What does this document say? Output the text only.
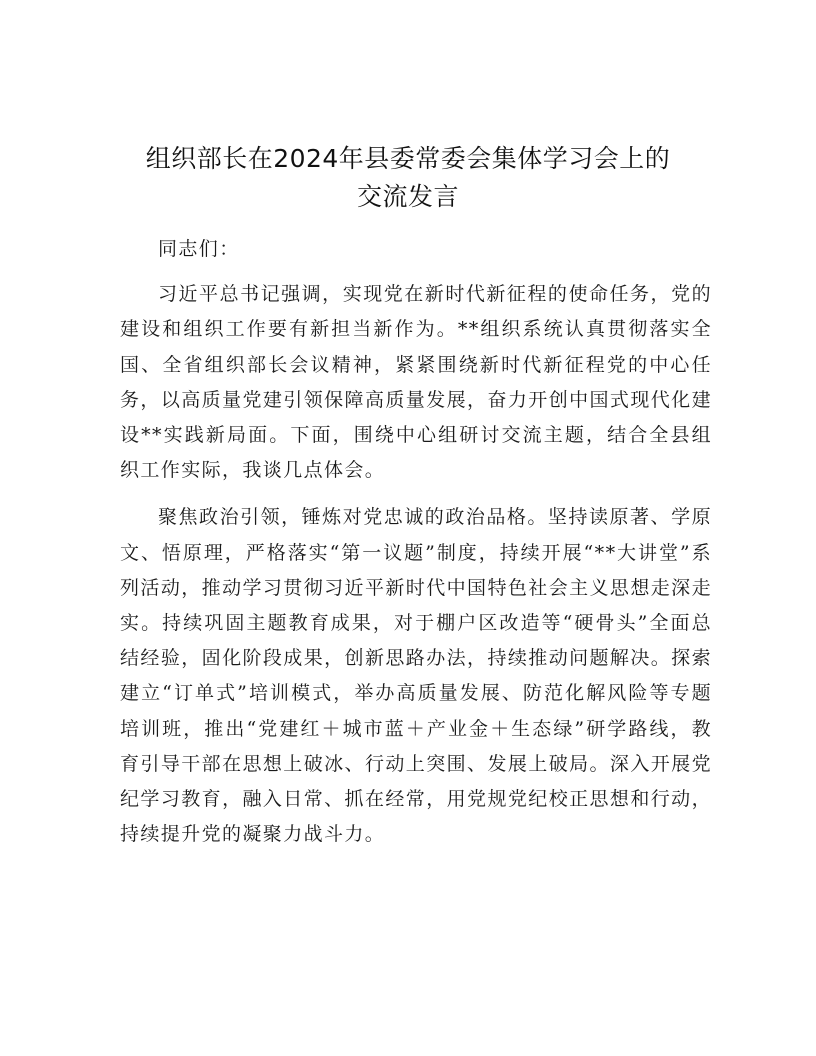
组织部长在2024年县委常委会集体学习会上的
交流发言

同志们：

习近平总书记强调，实现党在新时代新征程的使命任务，党的建设和组织工作要有新担当新作为。**组织系统认真贯彻落实全国、全省组织部长会议精神，紧紧围绕新时代新征程党的中心任务，以高质量党建引领保障高质量发展，奋力开创中国式现代化建设**实践新局面。下面，围绕中心组研讨交流主题，结合全县组织工作实际，我谈几点体会。

聚焦政治引领，锤炼对党忠诚的政治品格。坚持读原著、学原文、悟原理，严格落实“第一议题”制度，持续开展“**大讲堂”系列活动，推动学习贯彻习近平新时代中国特色社会主义思想走深走实。持续巩固主题教育成果，对于棚户区改造等“硬骨头”全面总结经验，固化阶段成果，创新思路办法，持续推动问题解决。探索建立“订单式”培训模式，举办高质量发展、防范化解风险等专题培训班，推出“党建红＋城市蓝＋产业金＋生态绿”研学路线，教育引导干部在思想上破冰、行动上突围、发展上破局。深入开展党纪学习教育，融入日常、抓在经常，用党规党纪校正思想和行动，持续提升党的凝聚力战斗力。
